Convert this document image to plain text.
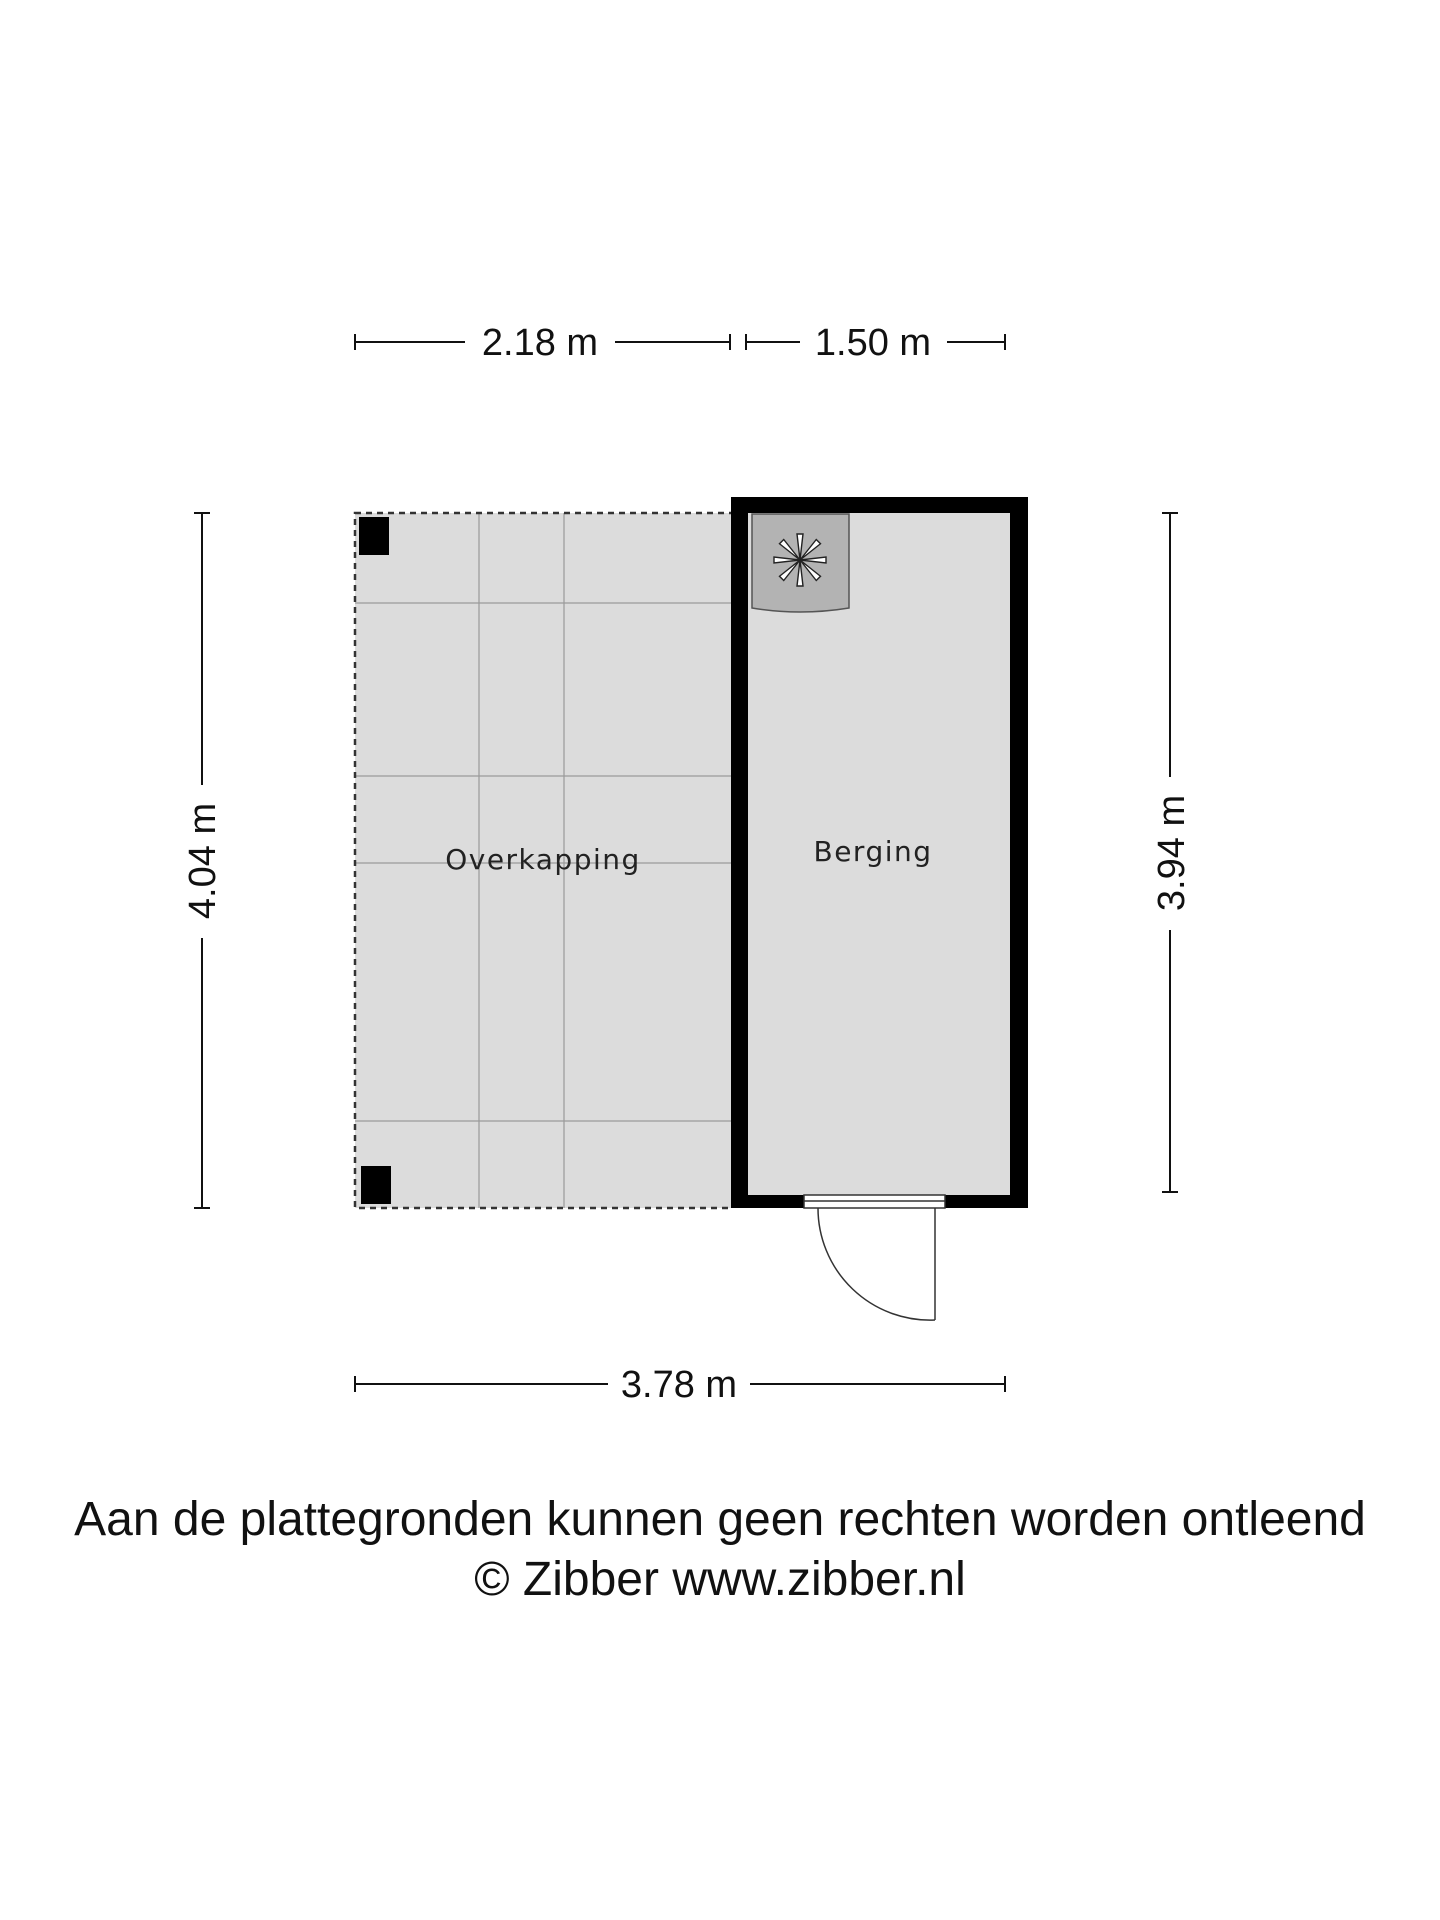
Overkapping	Berging
2.18 m	1.50 m
3.78 m
4.04 m	3.94 m
Aan de plattegronden kunnen geen rechten worden ontleend
© Zibber www.zibber.nl
